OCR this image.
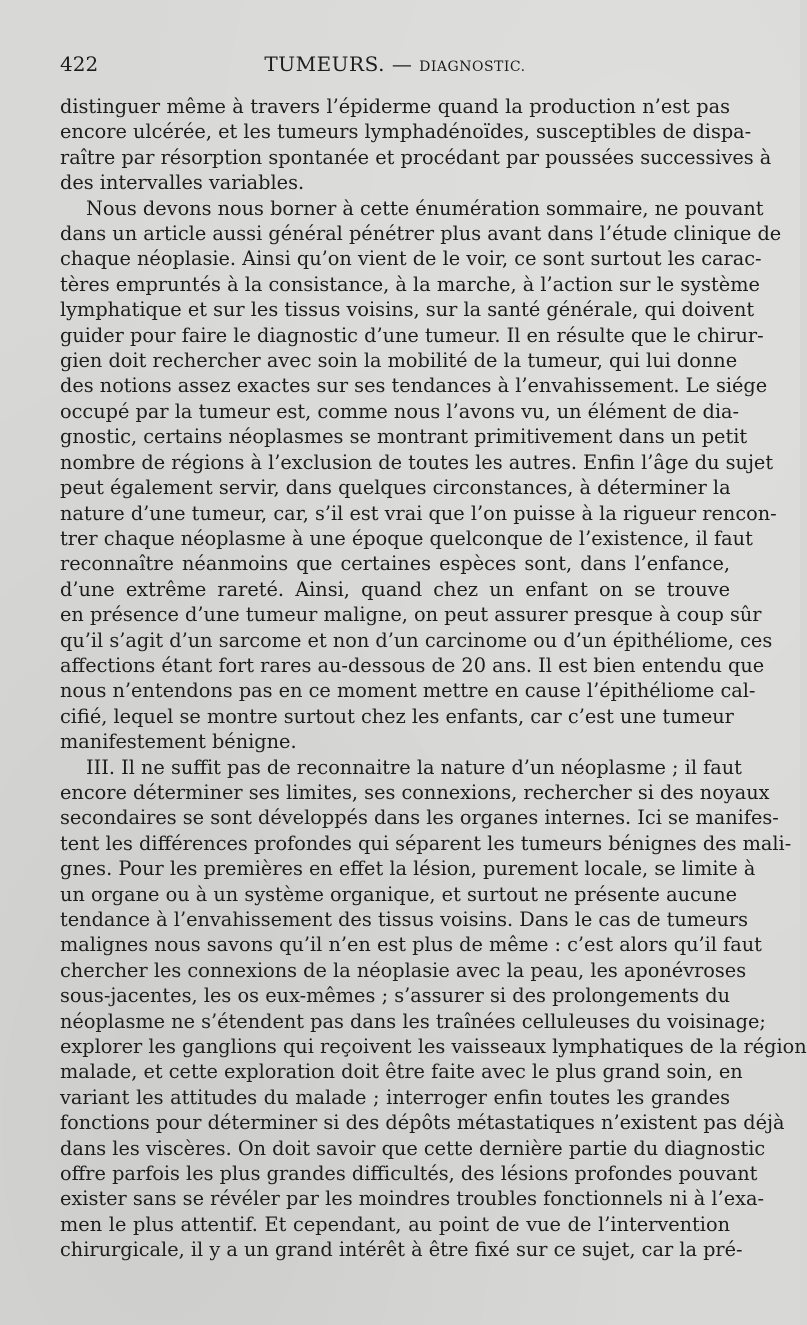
422	TUMEURS. — DIAGNOSTIC.
distinguer même à travers l’épiderme quand la production n’est pas
encore ulcérée, et les tumeurs lymphadénoïdes, susceptibles de dispa-
raître par résorption spontanée et procédant par poussées successives à
des intervalles variables.
Nous devons nous borner à cette énumération sommaire, ne pouvant
dans un article aussi général pénétrer plus avant dans l’étude clinique de
chaque néoplasie. Ainsi qu’on vient de le voir, ce sont surtout les carac-
tères empruntés à la consistance, à la marche, à l’action sur le système
lymphatique et sur les tissus voisins, sur la santé générale, qui doivent
guider pour faire le diagnostic d’une tumeur. Il en résulte que le chirur-
gien doit rechercher avec soin la mobilité de la tumeur, qui lui donne
des notions assez exactes sur ses tendances à l’envahissement. Le siége
occupé par la tumeur est, comme nous l’avons vu, un élément de dia-
gnostic, certains néoplasmes se montrant primitivement dans un petit
nombre de régions à l’exclusion de toutes les autres. Enfin l’âge du sujet
peut également servir, dans quelques circonstances, à déterminer la
nature d’une tumeur, car, s’il est vrai que l’on puisse à la rigueur rencon-
trer chaque néoplasme à une époque quelconque de l’existence, il faut
reconnaître néanmoins que certaines espèces sont, dans l’enfance,
d’une extrême rareté. Ainsi, quand chez un enfant on se trouve
en présence d’une tumeur maligne, on peut assurer presque à coup sûr
qu’il s’agit d’un sarcome et non d’un carcinome ou d’un épithéliome, ces
affections étant fort rares au-dessous de 20 ans. Il est bien entendu que
nous n’entendons pas en ce moment mettre en cause l’épithéliome cal-
cifié, lequel se montre surtout chez les enfants, car c’est une tumeur
manifestement bénigne.
III. Il ne suffit pas de reconnaitre la nature d’un néoplasme ; il faut
encore déterminer ses limites, ses connexions, rechercher si des noyaux
secondaires se sont développés dans les organes internes. Ici se manifes-
tent les différences profondes qui séparent les tumeurs bénignes des mali-
gnes. Pour les premières en effet la lésion, purement locale, se limite à
un organe ou à un système organique, et surtout ne présente aucune
tendance à l’envahissement des tissus voisins. Dans le cas de tumeurs
malignes nous savons qu’il n’en est plus de même : c’est alors qu’il faut
chercher les connexions de la néoplasie avec la peau, les aponévroses
sous-jacentes, les os eux-mêmes ; s’assurer si des prolongements du
néoplasme ne s’étendent pas dans les traînées celluleuses du voisinage;
explorer les ganglions qui reçoivent les vaisseaux lymphatiques de la région
malade, et cette exploration doit être faite avec le plus grand soin, en
variant les attitudes du malade ; interroger enfin toutes les grandes
fonctions pour déterminer si des dépôts métastatiques n’existent pas déjà
dans les viscères. On doit savoir que cette dernière partie du diagnostic
offre parfois les plus grandes difficultés, des lésions profondes pouvant
exister sans se révéler par les moindres troubles fonctionnels ni à l’exa-
men le plus attentif. Et cependant, au point de vue de l’intervention
chirurgicale, il y a un grand intérêt à être fixé sur ce sujet, car la pré-
